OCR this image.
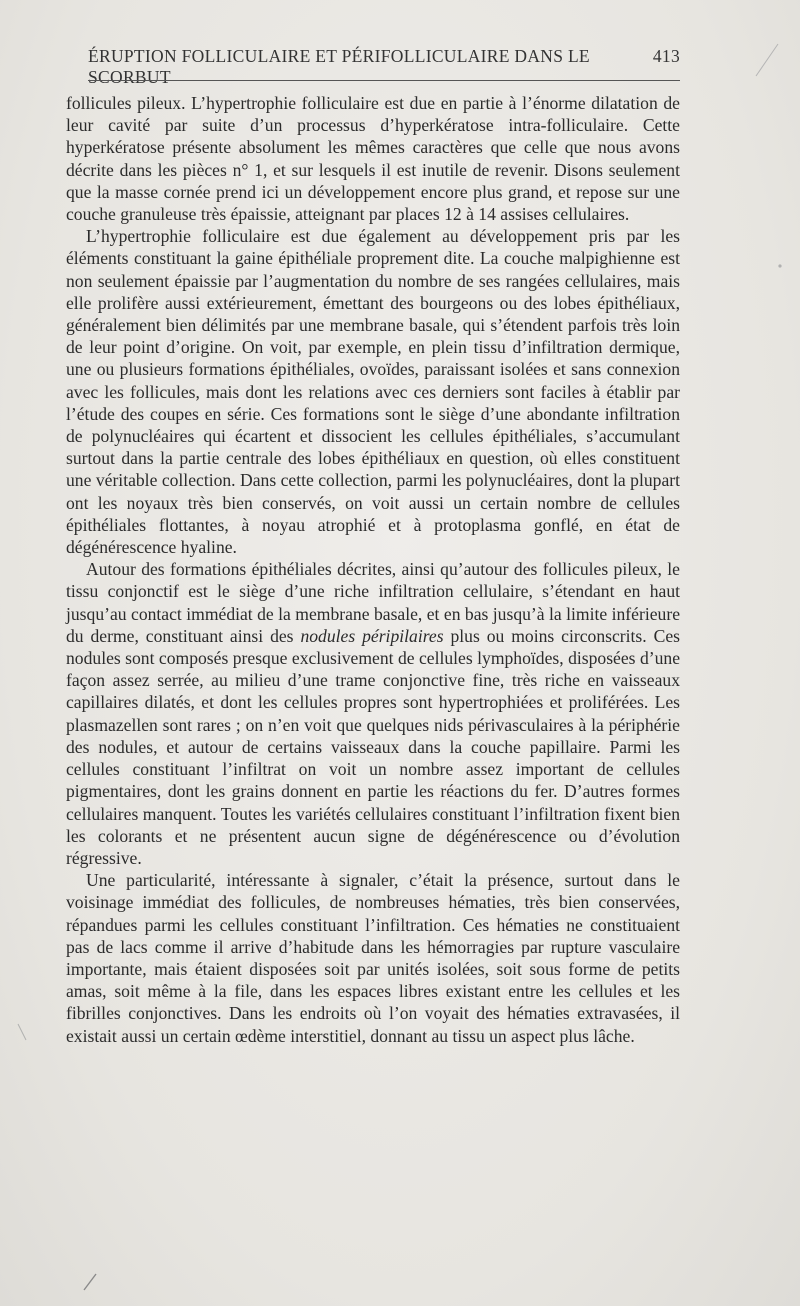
ÉRUPTION FOLLICULAIRE ET PÉRIFOLLICULAIRE DANS LE SCORBUT
413

follicules pileux. L’hypertrophie folliculaire est due en partie à l’énorme dilatation de leur cavité par suite d’un processus d’hyperkératose intra-folliculaire. Cette hyperkératose présente absolument les mêmes caractères que celle que nous avons décrite dans les pièces n° 1, et sur lesquels il est inutile de revenir. Disons seulement que la masse cornée prend ici un développement encore plus grand, et repose sur une couche granuleuse très épaissie, atteignant par places 12 à 14 assises cellulaires.

L’hypertrophie folliculaire est due également au développement pris par les éléments constituant la gaine épithéliale proprement dite. La couche malpighienne est non seulement épaissie par l’augmentation du nombre de ses rangées cellulaires, mais elle prolifère aussi extérieurement, émettant des bourgeons ou des lobes épithéliaux, généralement bien délimités par une membrane basale, qui s’étendent parfois très loin de leur point d’origine. On voit, par exemple, en plein tissu d’infiltration dermique, une ou plusieurs formations épithéliales, ovoïdes, paraissant isolées et sans connexion avec les follicules, mais dont les relations avec ces derniers sont faciles à établir par l’étude des coupes en série. Ces formations sont le siège d’une abondante infiltration de polynucléaires qui écartent et dissocient les cellules épithéliales, s’accumulant surtout dans la partie centrale des lobes épithéliaux en question, où elles constituent une véritable collection. Dans cette collection, parmi les polynucléaires, dont la plupart ont les noyaux très bien conservés, on voit aussi un certain nombre de cellules épithéliales flottantes, à noyau atrophié et à protoplasma gonflé, en état de dégénérescence hyaline.

Autour des formations épithéliales décrites, ainsi qu’autour des follicules pileux, le tissu conjonctif est le siège d’une riche infiltration cellulaire, s’étendant en haut jusqu’au contact immédiat de la membrane basale, et en bas jusqu’à la limite inférieure du derme, constituant ainsi des nodules péripilaires plus ou moins circonscrits. Ces nodules sont composés presque exclusivement de cellules lymphoïdes, disposées d’une façon assez serrée, au milieu d’une trame conjonctive fine, très riche en vaisseaux capillaires dilatés, et dont les cellules propres sont hypertrophiées et proliférées. Les plasmazellen sont rares ; on n’en voit que quelques nids périvasculaires à la périphérie des nodules, et autour de certains vaisseaux dans la couche papillaire. Parmi les cellules constituant l’infiltrat on voit un nombre assez important de cellules pigmentaires, dont les grains donnent en partie les réactions du fer. D’autres formes cellulaires manquent. Toutes les variétés cellulaires constituant l’infiltration fixent bien les colorants et ne présentent aucun signe de dégénérescence ou d’évolution régressive.

Une particularité, intéressante à signaler, c’était la présence, surtout dans le voisinage immédiat des follicules, de nombreuses hématies, très bien conservées, répandues parmi les cellules constituant l’infiltration. Ces hématies ne constituaient pas de lacs comme il arrive d’habitude dans les hémorragies par rupture vasculaire importante, mais étaient disposées soit par unités isolées, soit sous forme de petits amas, soit même à la file, dans les espaces libres existant entre les cellules et les fibrilles conjonctives. Dans les endroits où l’on voyait des hématies extravasées, il existait aussi un certain œdème interstitiel, donnant au tissu un aspect plus lâche.
